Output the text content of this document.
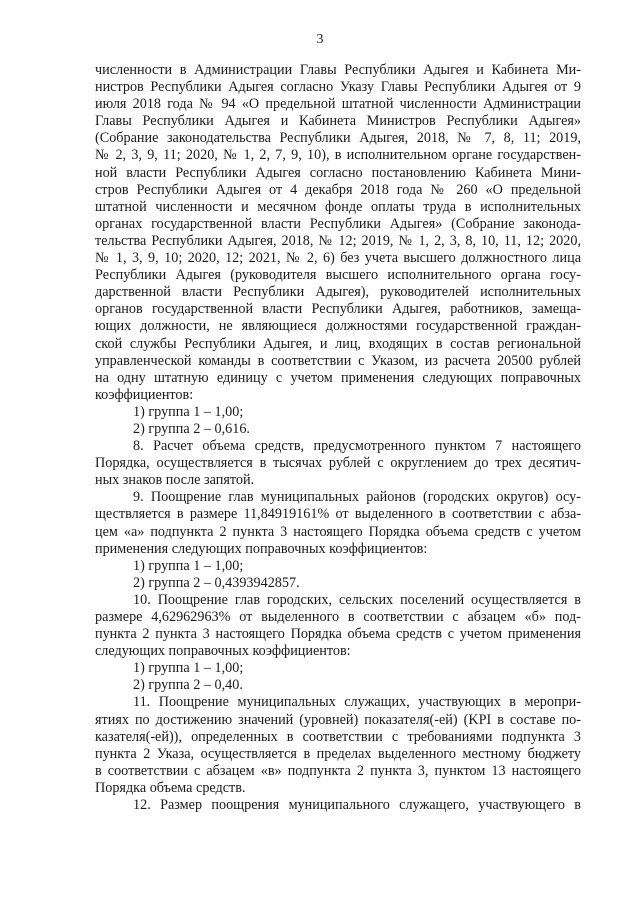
3
численности в Администрации Главы Республики Адыгея и Кабинета Ми-
нистров Республики Адыгея согласно Указу Главы Республики Адыгея от 9
июля 2018 года № 94 «О предельной штатной численности Администрации
Главы Республики Адыгея и Кабинета Министров Республики Адыгея»
(Собрание законодательства Республики Адыгея, 2018, № 7, 8, 11; 2019,
№ 2, 3, 9, 11; 2020, № 1, 2, 7, 9, 10), в исполнительном органе государствен-
ной власти Республики Адыгея согласно постановлению Кабинета Мини-
стров Республики Адыгея от 4 декабря 2018 года № 260 «О предельной
штатной численности и месячном фонде оплаты труда в исполнительных
органах государственной власти Республики Адыгея» (Собрание законода-
тельства Республики Адыгея, 2018, № 12; 2019, № 1, 2, 3, 8, 10, 11, 12; 2020,
№ 1, 3, 9, 10; 2020, 12; 2021, № 2, 6) без учета высшего должностного лица
Республики Адыгея (руководителя высшего исполнительного органа госу-
дарственной власти Республики Адыгея), руководителей исполнительных
органов государственной власти Республики Адыгея, работников, замеща-
ющих должности, не являющиеся должностями государственной граждан-
ской службы Республики Адыгея, и лиц, входящих в состав региональной
управленческой команды в соответствии с Указом, из расчета 20500 рублей
на одну штатную единицу с учетом применения следующих поправочных
коэффициентов:
1) группа 1 – 1,00;
2) группа 2 – 0,616.
8. Расчет объема средств, предусмотренного пунктом 7 настоящего
Порядка, осуществляется в тысячах рублей с округлением до трех десятич-
ных знаков после запятой.
9. Поощрение глав муниципальных районов (городских округов) осу-
ществляется в размере 11,84919161% от выделенного в соответствии с абза-
цем «а» подпункта 2 пункта 3 настоящего Порядка объема средств с учетом
применения следующих поправочных коэффициентов:
1) группа 1 – 1,00;
2) группа 2 – 0,4393942857.
10. Поощрение глав городских, сельских поселений осуществляется в
размере 4,62962963% от выделенного в соответствии с абзацем «б» под-
пункта 2 пункта 3 настоящего Порядка объема средств с учетом применения
следующих поправочных коэффициентов:
1) группа 1 – 1,00;
2) группа 2 – 0,40.
11. Поощрение муниципальных служащих, участвующих в меропри-
ятиях по достижению значений (уровней) показателя(-ей) (KPI в составе по-
казателя(-ей)), определенных в соответствии с требованиями подпункта 3
пункта 2 Указа, осуществляется в пределах выделенного местному бюджету
в соответствии с абзацем «в» подпункта 2 пункта 3, пунктом 13 настоящего
Порядка объема средств.
12. Размер поощрения муниципального служащего, участвующего в
